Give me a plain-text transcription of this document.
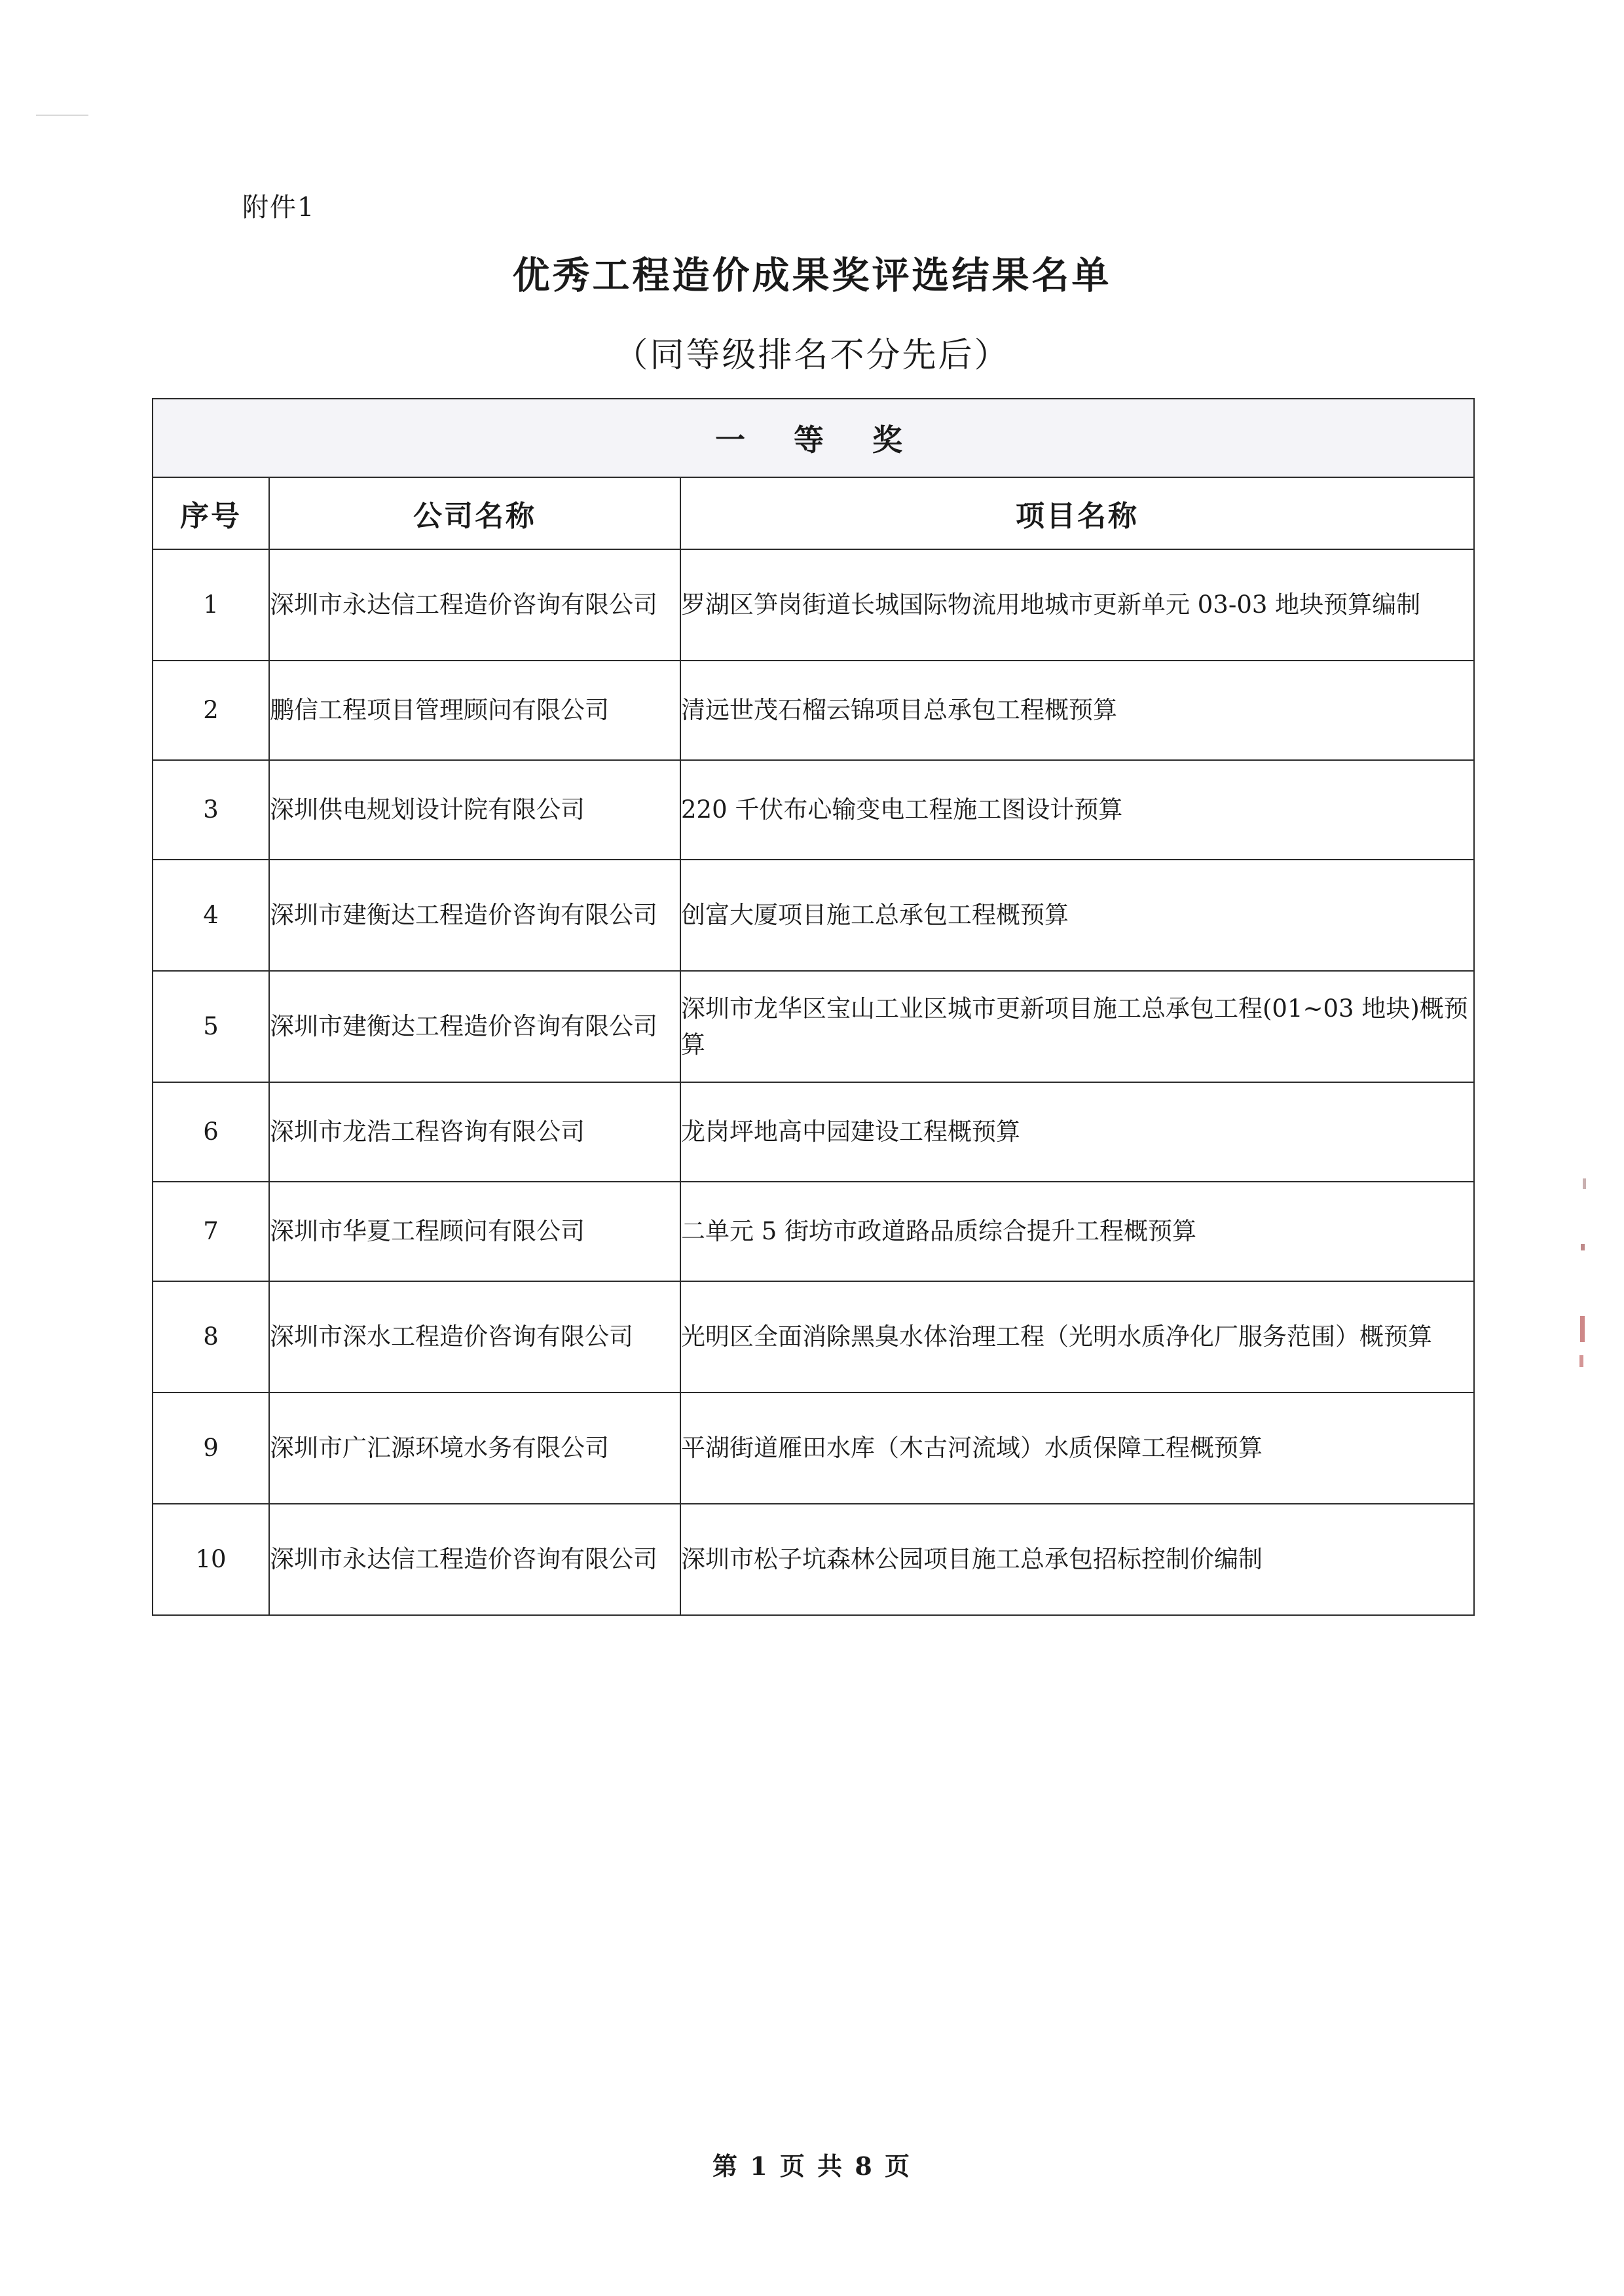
附件1
优秀工程造价成果奖评选结果名单
（同等级排名不分先后）
一　等　奖		
序号	公司名称	项目名称
1	深圳市永达信工程造价咨询有限公司	罗湖区笋岗街道长城国际物流用地城市更新单元 03-03 地块预算编制
2	鹏信工程项目管理顾问有限公司	清远世茂石榴云锦项目总承包工程概预算
3	深圳供电规划设计院有限公司	220 千伏布心输变电工程施工图设计预算
4	深圳市建衡达工程造价咨询有限公司	创富大厦项目施工总承包工程概预算
5	深圳市建衡达工程造价咨询有限公司	深圳市龙华区宝山工业区城市更新项目施工总承包工程(01~03 地块)概预算
6	深圳市龙浩工程咨询有限公司	龙岗坪地高中园建设工程概预算
7	深圳市华夏工程顾问有限公司	二单元 5 街坊市政道路品质综合提升工程概预算
8	深圳市深水工程造价咨询有限公司	光明区全面消除黑臭水体治理工程（光明水质净化厂服务范围）概预算
9	深圳市广汇源环境水务有限公司	平湖街道雁田水库（木古河流域）水质保障工程概预算
10	深圳市永达信工程造价咨询有限公司	深圳市松子坑森林公园项目施工总承包招标控制价编制
第 1 页 共 8 页
